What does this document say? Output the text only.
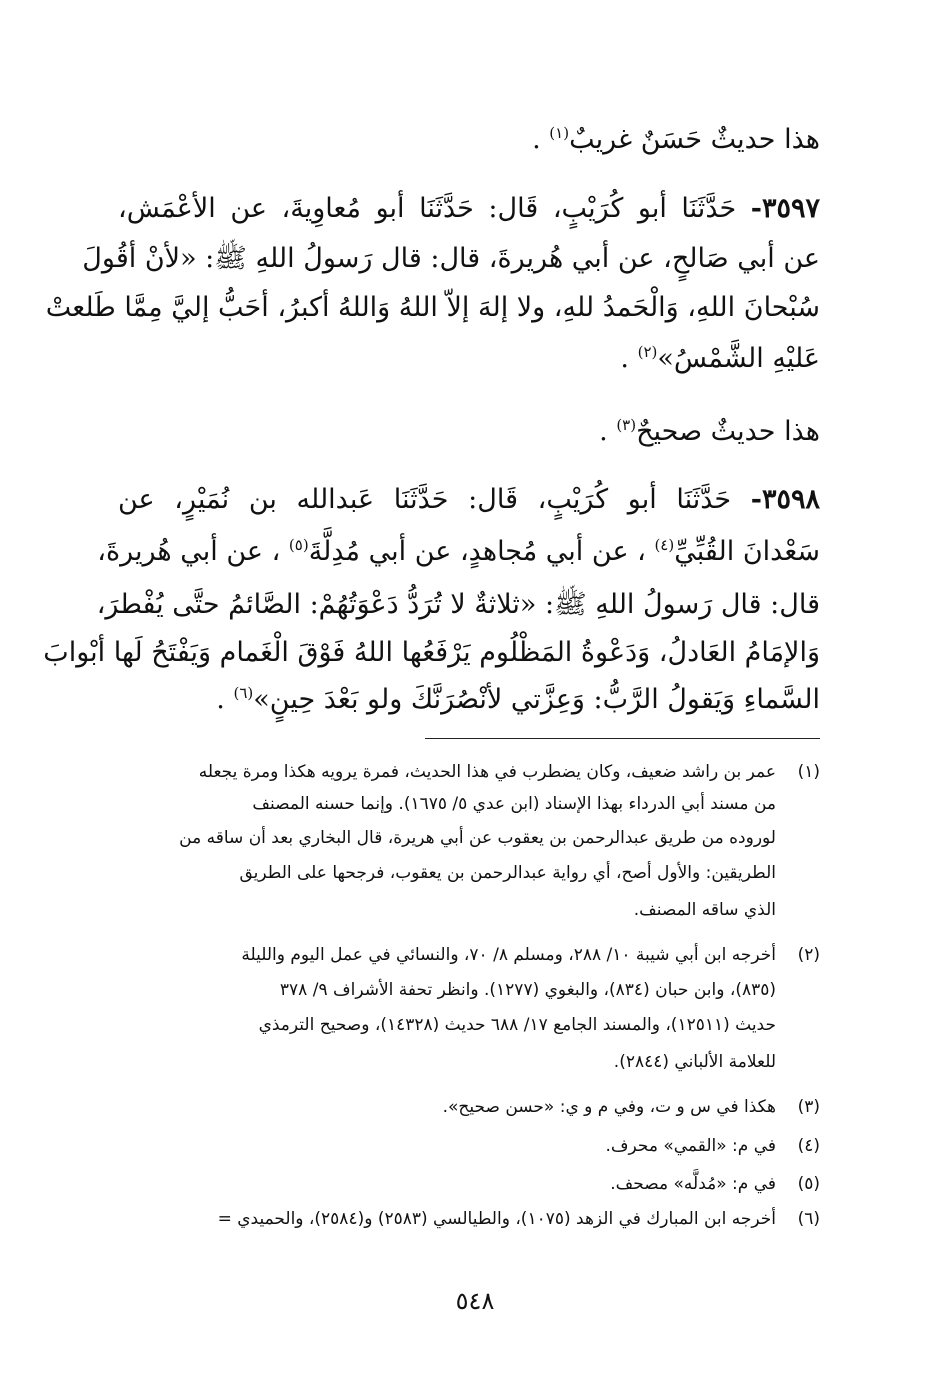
هذا حديثٌ حَسَنٌ غريبٌ$^{(١)}$ .
٣٥٩٧- حَدَّثَنَا أبو كُرَيْبٍ، قَال: حَدَّثَنَا أبو مُعاوِيةَ، عن الأعْمَش،
عن أبي صَالحٍ، عن أبي هُريرةَ، قال: قال رَسولُ اللهِ ﷺ: «لأنْ أقُولَ
سُبْحانَ اللهِ، وَالْحَمدُ للهِ، ولا إلهَ إلاّ اللهُ وَاللهُ أكبرُ، أحَبُّ إليَّ مِمَّا طَلعتْ
عَليْهِ الشَّمْسُ»$^{(٢)}$ .
هذا حديثٌ صحيحٌ$^{(٣)}$ .
٣٥٩٨- حَدَّثَنَا أبو كُرَيْبٍ، قَال: حَدَّثَنَا عَبدالله بن نُمَيْرٍ، عن
سَعْدانَ القُبِّيِّ$^{(٤)}$ ، عن أبي مُجاهدٍ، عن أبي مُدِلَّةَ$^{(٥)}$ ، عن أبي هُريرةَ،
قال: قال رَسولُ اللهِ ﷺ: «ثلاثةٌ لا تُرَدُّ دَعْوَتُهُمْ: الصَّائمُ حتَّى يُفْطرَ،
وَالإمَامُ العَادلُ، وَدَعْوةُ المَظْلُوم يَرْفَعُها اللهُ فَوْقَ الْغَمام وَيَفْتَحُ لَها أبْوابَ
السَّماءِ وَيَقولُ الرَّبُّ: وَعِزَّتي لأنْصُرَنَّكَ ولو بَعْدَ حِينٍ»$^{(٦)}$ .
(١)عمر بن راشد ضعيف، وكان يضطرب في هذا الحديث، فمرة يرويه هكذا ومرة يجعله
من مسند أبي الدرداء بهذا الإسناد (ابن عدي ٥/ ١٦٧٥). وإنما حسنه المصنف
لوروده من طريق عبدالرحمن بن يعقوب عن أبي هريرة، قال البخاري بعد أن ساقه من
الطريقين: والأول أصح، أي رواية عبدالرحمن بن يعقوب، فرجحها على الطريق
الذي ساقه المصنف.
(٢)أخرجه ابن أبي شيبة ١٠/ ٢٨٨، ومسلم ٨/ ٧٠، والنسائي في عمل اليوم والليلة
(٨٣٥)، وابن حبان (٨٣٤)، والبغوي (١٢٧٧). وانظر تحفة الأشراف ٩/ ٣٧٨
حديث (١٢٥١١)، والمسند الجامع ١٧/ ٦٨٨ حديث (١٤٣٢٨)، وصحيح الترمذي
للعلامة الألباني (٢٨٤٤).
(٣)هكذا في س و ت، وفي م و ي: «حسن صحيح».
(٤)في م: «القمي» محرف.
(٥)في م: «مُدلَّه» مصحف.
(٦)أخرجه ابن المبارك في الزهد (١٠٧٥)، والطيالسي (٢٥٨٣) و(٢٥٨٤)، والحميدي =
٥٤٨
